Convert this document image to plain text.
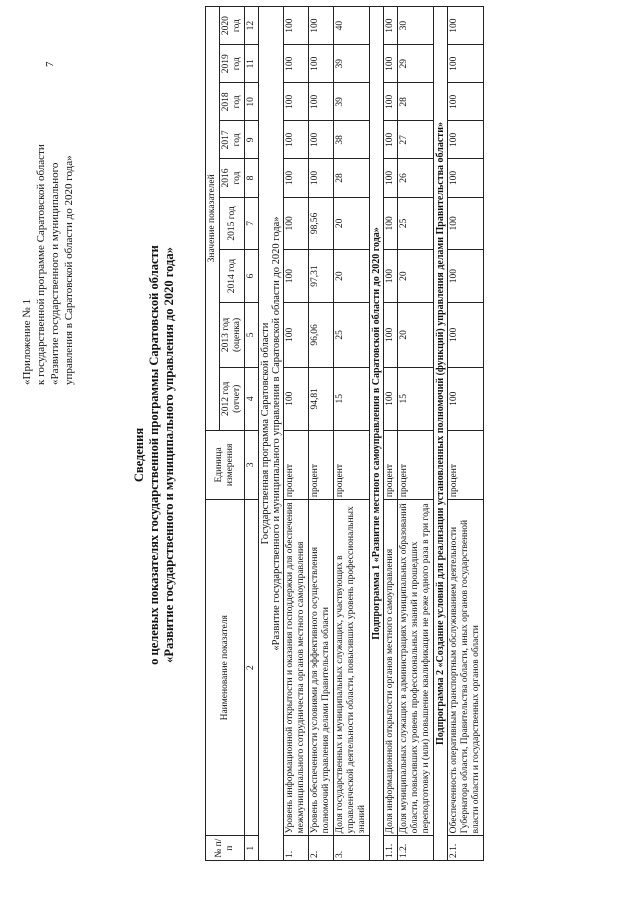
7
«Приложение № 1 к государственной программе Саратовской области «Развитие государственного и муниципального управления в Саратовской области до 2020 года»
Сведения о целевых показателях государственной программы Саратовской области «Развитие государственного и муниципального управления до 2020 года»
№ п/п	Наименование показателя	Единица измерения	Значение показателей								
			2012 год (отчет)	2013 год (оценка)	2014 год	2015 год	2016 год	2017 год	2018 год	2019 год	2020 год
1	2	3	4	5	6	7	8	9	10	11	12

Государственная программа Саратовской области «Развитие государственного и муниципального управления в Саратовской области до 2020 года»											

1.	Уровень информационной открытости и оказания господдержки для обеспечения межмуниципального сотрудничества органов местного самоуправления	процент	100	100	100	100	100	100	100	100	100
2.	Уровень обеспеченности условиями для эффективного осуществления полномочий управления делами Правительства области	процент	94,81	96,06	97,31	98,56	100	100	100	100	100
3.	Доля государственных и муниципальных служащих, участвующих в управленческой деятельности области, повысивших уровень профессиональных знаний	процент	15	25	20	20	28	38	39	39	40
Подпрограмма 1 «Развитие местного самоуправления в Саратовской области до 2020 года»											
1.1.	Доля информационной открытости органов местного самоуправления	процент	100	100	100	100	100	100	100	100	100
1.2.	Доля муниципальных служащих в администрациях муниципальных образований области, повысивших уровень профессиональных знаний и прошедших переподготовку и (или) повышение квалификации не реже одного раза в три года	процент	15	20	20	25	26	27	28	29	30
Подпрограмма 2 «Создание условий для реализации установленных полномочий (функций) управления делами Правительства области»											
2.1.	Обеспеченность оперативным транспортным обслуживанием деятельности Губернатора области, Правительства области, иных органов государственной власти области и государственных органов области	процент	100	100	100	100	100	100	100	100	100
